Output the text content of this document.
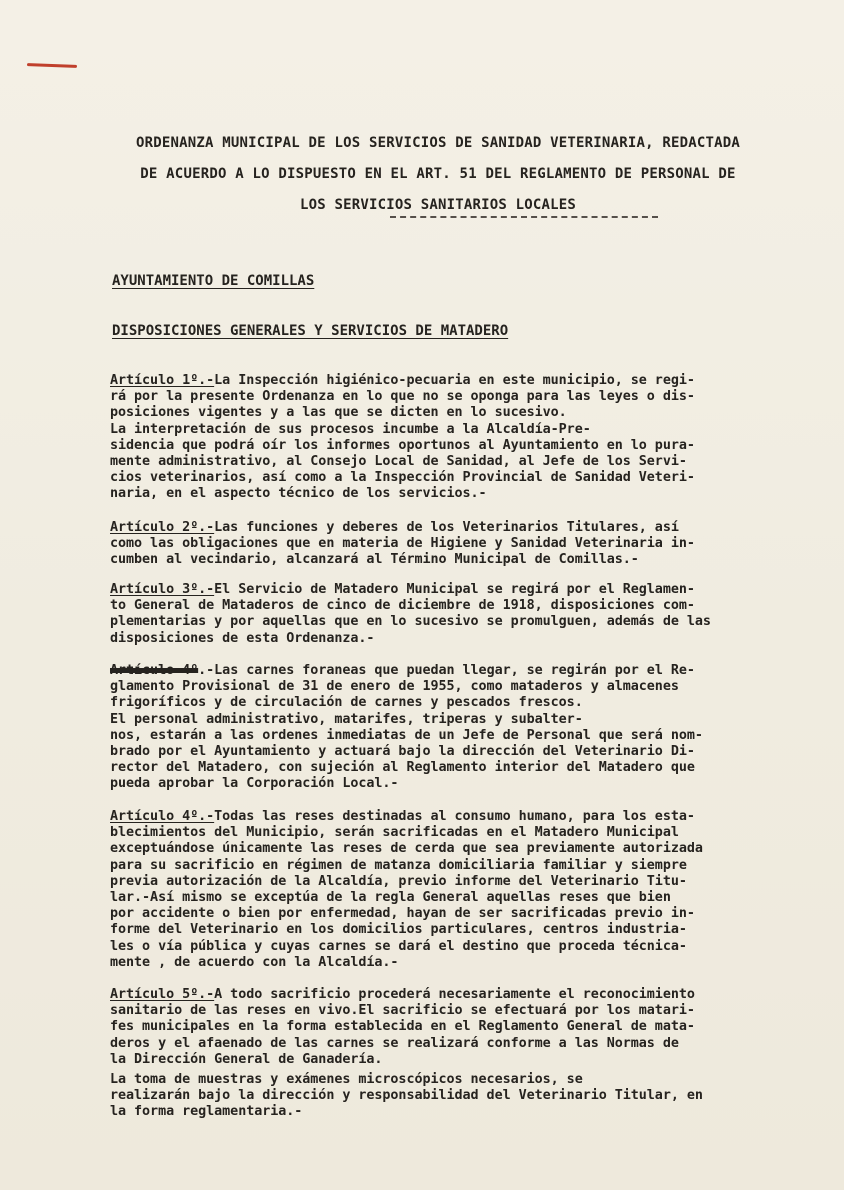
ORDENANZA MUNICIPAL DE LOS SERVICIOS DE SANIDAD VETERINARIA, REDACTADA
DE ACUERDO A LO DISPUESTO EN EL ART. 51 DEL REGLAMENTO DE PERSONAL DE
LOS SERVICIOS SANITARIOS LOCALES
AYUNTAMIENTO DE COMILLAS
DISPOSICIONES GENERALES Y SERVICIOS DE MATADERO
Artículo 1º.-La Inspección higiénico-pecuaria en este municipio, se regi-
rá por la presente Ordenanza en lo que no se oponga para las leyes o dis-
posiciones vigentes y a las que se dicten en lo sucesivo.
La interpretación de sus procesos incumbe a la Alcaldía-Pre-
sidencia que podrá oír los informes oportunos al Ayuntamiento en lo pura-
mente administrativo, al Consejo Local de Sanidad, al Jefe de los Servi-
cios veterinarios, así como a la Inspección Provincial de Sanidad Veteri-
naria, en el aspecto técnico de los servicios.-
Artículo 2º.-Las funciones y deberes de los Veterinarios Titulares, así
como las obligaciones que en materia de Higiene y Sanidad Veterinaria in-
cumben al vecindario, alcanzará al Término Municipal de Comillas.-
Artículo 3º.-El Servicio de Matadero Municipal se regirá por el Reglamen-
to General de Mataderos de cinco de diciembre de 1918, disposiciones com-
plementarias y por aquellas que en lo sucesivo se promulguen, además de las
disposiciones de esta Ordenanza.-
Artículo 4º.-Las carnes foraneas que puedan llegar, se regirán por el Re-
glamento Provisional de 31 de enero de 1955, como mataderos y almacenes
frigoríficos y de circulación de carnes y pescados frescos.
El personal administrativo, matarifes, triperas y subalter-
nos, estarán a las ordenes inmediatas de un Jefe de Personal que será nom-
brado por el Ayuntamiento y actuará bajo la dirección del Veterinario Di-
rector del Matadero, con sujeción al Reglamento interior del Matadero que
pueda aprobar la Corporación Local.-
Artículo 4º.-Todas las reses destinadas al consumo humano, para los esta-
blecimientos del Municipio, serán sacrificadas en el Matadero Municipal
exceptuándose únicamente las reses de cerda que sea previamente autorizada
para su sacrificio en régimen de matanza domiciliaria familiar y siempre
previa autorización de la Alcaldía, previo informe del Veterinario Titu-
lar.-Así mismo se exceptúa de la regla General aquellas reses que bien
por accidente o bien por enfermedad, hayan de ser sacrificadas previo in-
forme del Veterinario en los domicilios particulares, centros industria-
les o vía pública y cuyas carnes se dará el destino que proceda técnica-
mente , de acuerdo con la Alcaldía.-
Artículo 5º.-A todo sacrificio procederá necesariamente el reconocimiento
sanitario de las reses en vivo.El sacrificio se efectuará por los matari-
fes municipales en la forma establecida en el Reglamento General de mata-
deros y el afaenado de las carnes se realizará conforme a las Normas de
la Dirección General de Ganadería.
La toma de muestras y exámenes microscópicos necesarios, se
realizarán bajo la dirección y responsabilidad del Veterinario Titular, en
la forma reglamentaria.-
